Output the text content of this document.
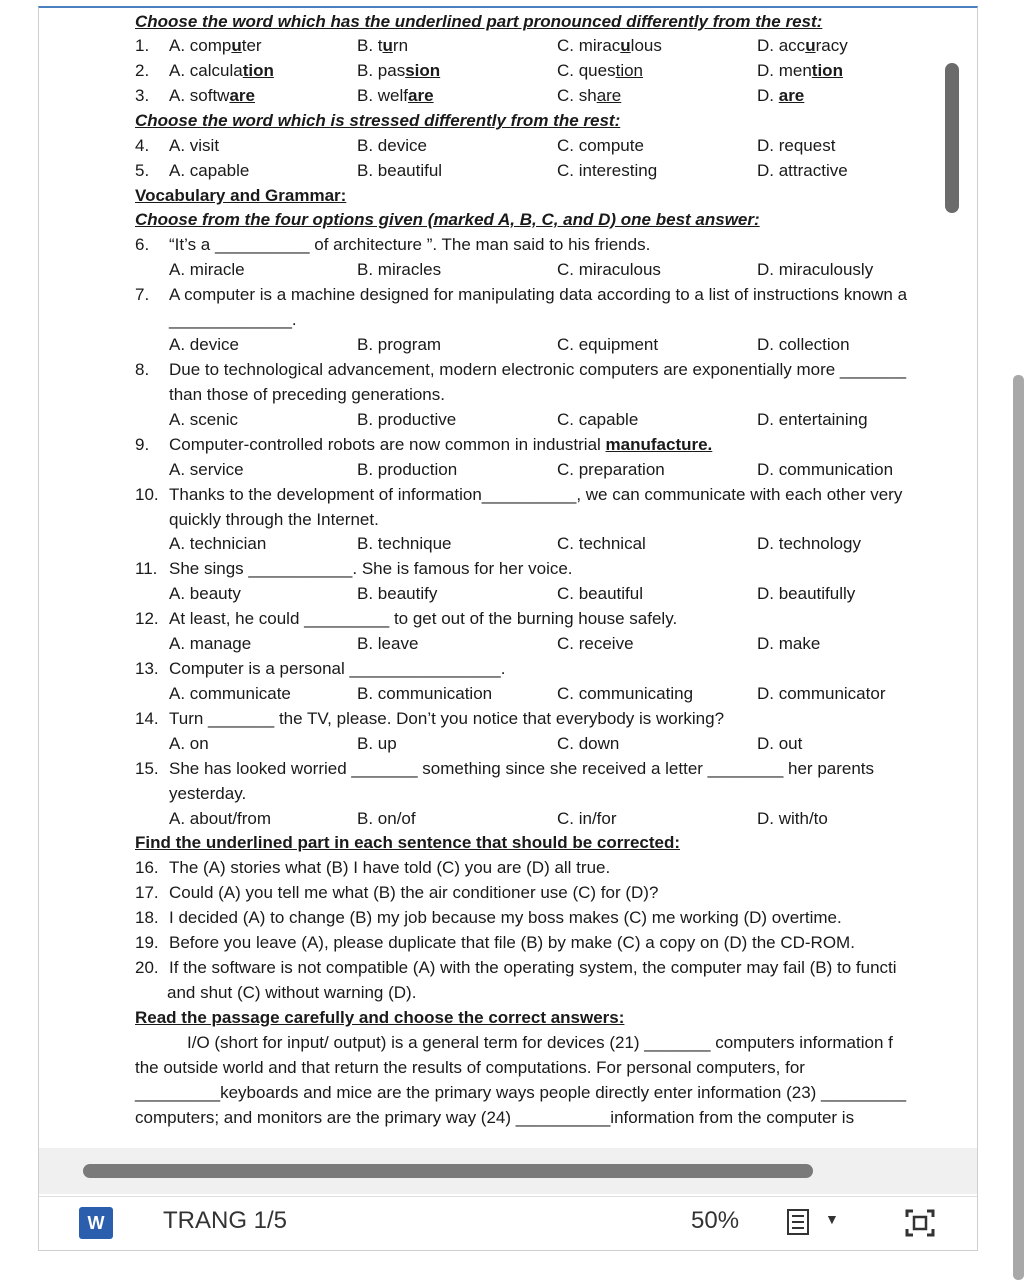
Choose the word which has the underlined part pronounced differently from the rest:
1.	A. computer	B. turn	C. miraculous	D. accuracy
2.	A. calculation	B. passion	C. question	D. mention
3.	A. software	B. welfare	C. share	D. are
Choose the word which is stressed differently from the rest:
4.	A. visit	B. device	C. compute	D. request
5.	A. capable	B. beautiful	C. interesting	D. attractive
Vocabulary and Grammar:
Choose from the four options given (marked A, B, C, and D) one best answer:
6.	“It’s a __________ of architecture ”. The man said to his friends.
A. miracle	B. miracles	C. miraculous	D. miraculously
7.	A computer is a machine designed for manipulating data according to a list of instructions known a
_____________.
A. device	B. program	C. equipment	D. collection
8.	Due to technological advancement, modern electronic computers are exponentially more _______
than those of preceding generations.
A. scenic	B. productive	C. capable	D. entertaining
9.	Computer-controlled robots are now common in industrial manufacture.
A. service	B. production	C. preparation	D. communication
10. Thanks to the development of information__________, we can communicate with each other very
quickly through the Internet.
A. technician	B. technique	C. technical	D. technology
11. She sings ___________. She is famous for her voice.
A. beauty	B. beautify	C. beautiful	D. beautifully
12. At least, he could _________ to get out of the burning house safely.
A. manage	B. leave	C. receive	D. make
13. Computer is a personal ________________.
A. communicate	B. communication	C. communicating	D. communicator
14. Turn _______ the TV, please. Don’t you notice that everybody is working?
A. on	B. up	C. down	D. out
15. She has looked worried _______ something since she received a letter ________ her parents
yesterday.
A. about/from	B. on/of	C. in/for	D. with/to
Find the underlined part in each sentence that should be corrected:
16. The (A) stories what (B) I have told (C) you are (D) all true.
17. Could (A) you tell me what (B) the air conditioner use (C) for (D)?
18. I decided (A) to change (B) my job because my boss makes (C) me working (D) overtime.
19. Before you leave (A), please duplicate that file (B) by make (C) a copy on (D) the CD-ROM.
20. If the software is not compatible (A) with the operating system, the computer may fail (B) to functi
and shut (C) without warning (D).
Read the passage carefully and choose the correct answers:
I/O (short for input/ output) is a general term for devices (21) _______ computers information f
the outside world and that return the results of computations. For personal computers, for
_________keyboards and mice are the primary ways people directly enter information (23) _________
computers; and monitors are the primary way (24) __________information from the computer is
W	TRANG 1/5	50%	▼
